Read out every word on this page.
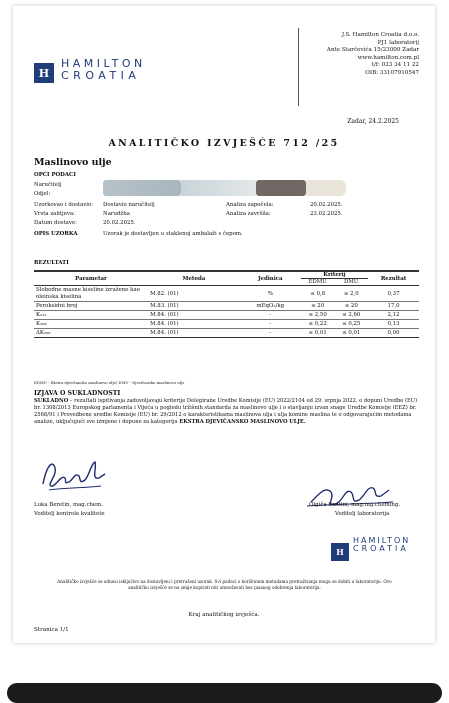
H
HAMILTON
CROATIA
J.S. Hamilton Croatia d.o.o.
PJ1 laboratorij
Ante Starčevića 15/23000 Zadar
www.hamilton.com.pl
t/f: 023 34 11 22
OIB: 33107910547
Zadar, 24.2.2025
ANALITIČKO IZVJEŠĆE 712 /25
Maslinovo ulje
OPĆI PODACI
Naručitelj
Odjel:
Uzorkovao i dostavio: Dostavio naručitelj	Analiza započela:	20.02.2025.
Vrsta zahtjeva:	Narudžba	Analiza završila:	23.02.2025.
Datum dostave:	20.02.2025.
OPIS UZORKA	Uzorak je dostavljen u staklenoj ambalaži s čepom.
REZULTATI
Parametar	Metoda	Jedinica	Kriterij		Rezultat
			EDMU	DMU	
Slobodne masne kiseline izražene kao oleinska kiselina	M.82. (01)	%	≤ 0,8	≤ 2,0	0,37
Peroksidni broj	M.83. (01)	mEqO₂/kg	≤ 20	≤ 20	17,0
K₂₃₂	M.84. (01)	-	≤ 2,50	≤ 2,60	2,12
K₂₆₈	M.84. (01)	-	≤ 0,22	≤ 0,25	0,13
ΔK₂₆₈	M.84. (01)	-	≤ 0,01	≤ 0,01	0,00
EDMU - Ekstra djevičansko maslinovo ulje/ DMU - Djevičansko maslinovo ulje
IZJAVA O SUKLADNOSTI
SUKLADNO – rezultati ispitivanja zadovoljavaju kriterije Delegirane Uredbe Komisije (EU) 2022/2104 od 29. srpnja 2022. o dopuni Uredbe (EU) br. 1308/2013 Europskog parlamenta i Vijeća u pogledu tržišnih standarda za maslinovo ulje i o stavljanju izvan snage Uredbe Komisije (EEZ) br. 2568/91 i Provedbene uredbe Komisije (EU) br. 29/2012 o karakteristikama maslinova ulja i ulja komine maslina te o odgovarajućim metodama analize, uključujući sve izmjene i dopune za kategoriju EKSTRA DJEVIČANSKO MASLINOVO ULJE.
Luka Beretin, mag.chem.
Voditelj kontrole kvalitete
Olgiča Santini, mag.ing.cheming.
Voditelj laboratorija
H
HAMILTON
CROATIA
Analitičko izvješće se odnosi isključivo na dostavljeni i pretraženi uzorak. Svi podaci o korištenim metodama pretraživanja mogu se dobiti u laboratoriju. Ovo analitičko izvješće se ne smije kopirati niti umnožavati bez pisanog odobrenja laboratorija.
Kraj analitičkog izvješća.
Stranica 1/1
